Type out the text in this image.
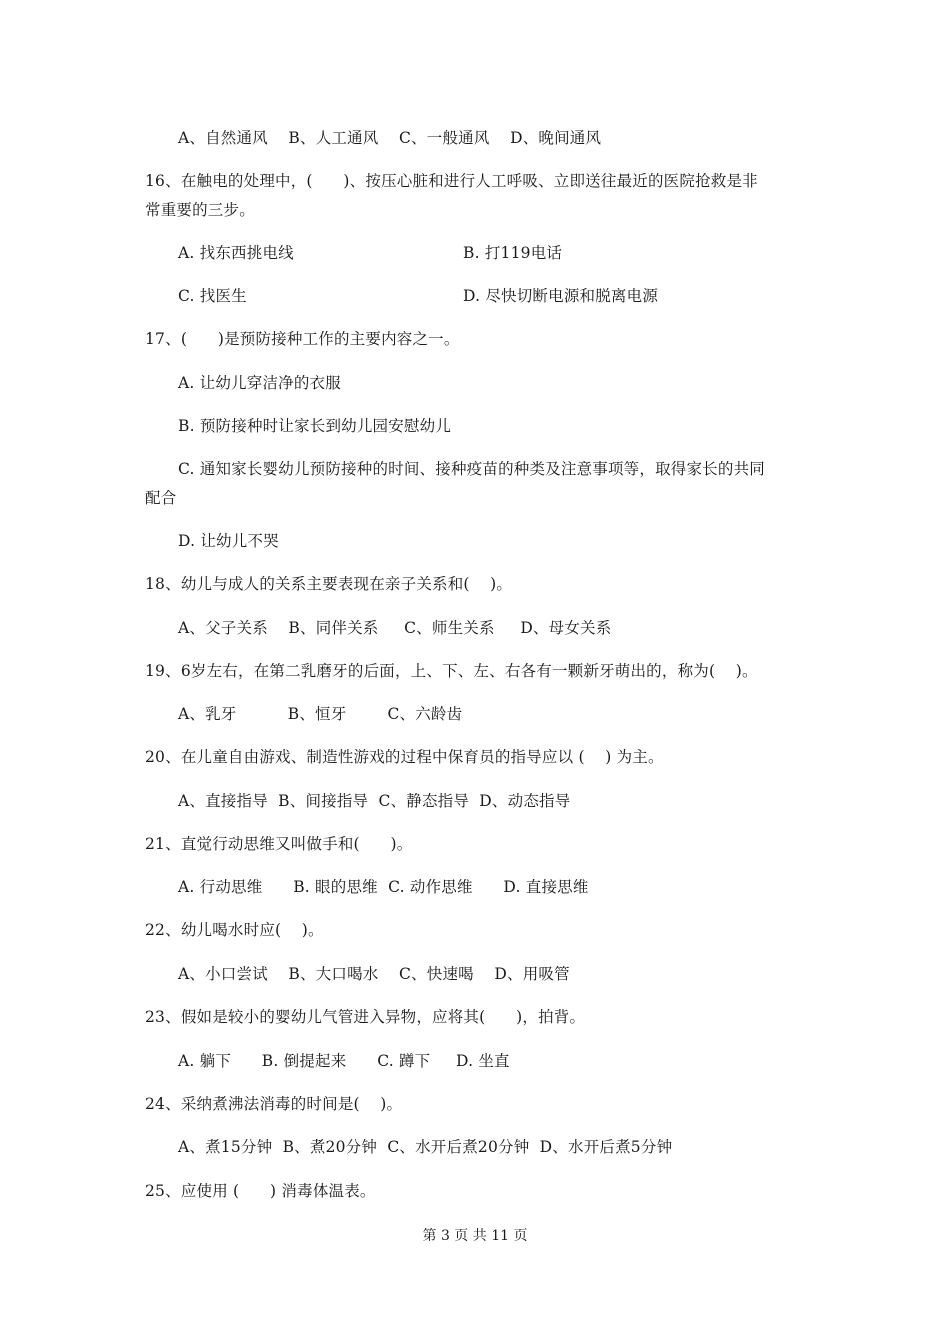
A、自然通风    B、人工通风    C、一般通风    D、晚间通风
16、在触电的处理中，(      )、按压心脏和进行人工呼吸、立即送往最近的医院抢救是非
常重要的三步。
A. 找东西挑电线	B. 打119电话
C. 找医生	D. 尽快切断电源和脱离电源
17、(      )是预防接种工作的主要内容之一。
A. 让幼儿穿洁净的衣服
B. 预防接种时让家长到幼儿园安慰幼儿
C. 通知家长婴幼儿预防接种的时间、接种疫苗的种类及注意事项等，取得家长的共同
配合
D. 让幼儿不哭
18、幼儿与成人的关系主要表现在亲子关系和(    )。
A、父子关系    B、同伴关系     C、师生关系     D、母女关系
19、6岁左右，在第二乳磨牙的后面，上、下、左、右各有一颗新牙萌出的，称为(    )。
A、乳牙          B、恒牙        C、六龄齿
20、在儿童自由游戏、制造性游戏的过程中保育员的指导应以 (    ) 为主。
A、直接指导  B、间接指导  C、静态指导  D、动态指导
21、直觉行动思维又叫做手和(      )。
A. 行动思维      B. 眼的思维  C. 动作思维      D. 直接思维
22、幼儿喝水时应(    )。
A、小口尝试    B、大口喝水    C、快速喝    D、用吸管
23、假如是较小的婴幼儿气管进入异物，应将其(      )，拍背。
A. 躺下      B. 倒提起来      C. 蹲下     D. 坐直
24、采纳煮沸法消毒的时间是(    )。
A、煮15分钟  B、煮20分钟  C、水开后煮20分钟  D、水开后煮5分钟
25、应使用 (      ) 消毒体温表。
第 3 页 共 11 页
